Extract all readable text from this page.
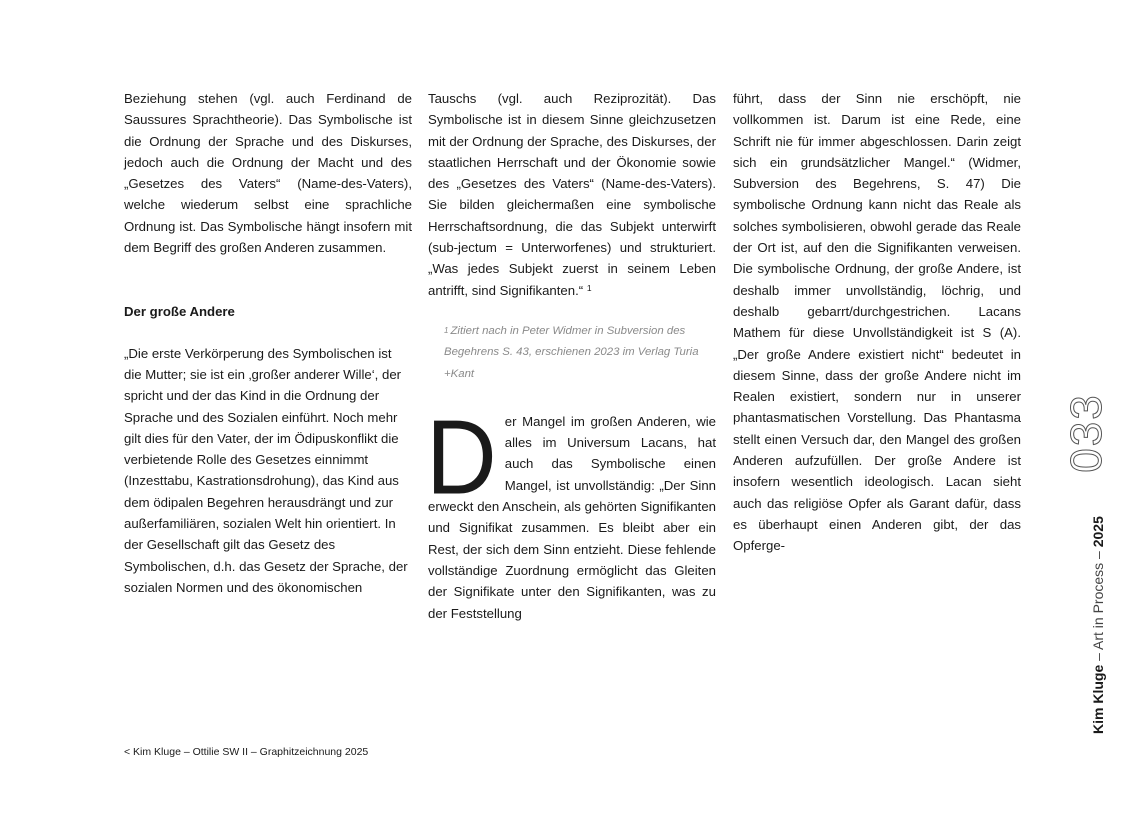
Beziehung stehen (vgl. auch Ferdinand de Saussures Sprachtheorie). Das Symbolische ist die Ordnung der Sprache und des Diskurses, jedoch auch die Ordnung der Macht und des „Gesetzes des Vaters“ (Name-des-Vaters), welche wiederum selbst eine sprachliche Ordnung ist. Das Symbolische hängt insofern mit dem Begriff des großen Anderen zusammen.

Der große Andere

„Die erste Verkörperung des Symbolischen ist die Mutter; sie ist ein ‚großer anderer Wille‘, der spricht und der das Kind in die Ordnung der Sprache und des Sozialen einführt. Noch mehr gilt dies für den Vater, der im Ödipuskonflikt die verbietende Rolle des Gesetzes einnimmt (Inzesttabu, Kastrationsdrohung), das Kind aus dem ödipalen Begehren herausdrängt und zur außerfamiliären, sozialen Welt hin orientiert. In der Gesellschaft gilt das Gesetz des Symbolischen, d.h. das Gesetz der Sprache, der sozialen Normen und des ökonomischen

Tauschs (vgl. auch Reziprozität). Das Symbolische ist in diesem Sinne gleichzusetzen mit der Ordnung der Sprache, des Diskurses, der staatlichen Herrschaft und der Ökonomie sowie des „Gesetzes des Vaters“ (Name-des-Vaters). Sie bilden gleichermaßen eine symbolische Herrschaftsordnung, die das Subjekt unterwirft (sub-jectum = Unterworfenes) und strukturiert. „Was jedes Subjekt zuerst in seinem Leben antrifft, sind Signifikanten.“ $^1$

$^1$ Zitiert nach in Peter Widmer in Subversion des Begehrens S. 43, erschienen 2023 im Verlag Turia +Kant

Der Mangel im großen Anderen, wie alles im Universum Lacans, hat auch das Symbolische einen Mangel, ist unvollständig: „Der Sinn erweckt den Anschein, als gehörten Signifikanten und Signifikat zusammen. Es bleibt aber ein Rest, der sich dem Sinn entzieht. Diese fehlende vollständige Zuordnung ermöglicht das Gleiten der Signifikate unter den Signifikanten, was zu der Feststellung

führt, dass der Sinn nie erschöpft, nie vollkommen ist. Darum ist eine Rede, eine Schrift nie für immer abgeschlossen. Darin zeigt sich ein grundsätzlicher Mangel.“ (Widmer, Subversion des Begehrens, S. 47) Die symbolische Ordnung kann nicht das Reale als solches symbolisieren, obwohl gerade das Reale der Ort ist, auf den die Signifikanten verweisen. Die symbolische Ordnung, der große Andere, ist deshalb immer unvollständig, löchrig, und deshalb gebarrt/durchgestrichen. Lacans Mathem für diese Unvollständigkeit ist S (A). „Der große Andere existiert nicht“ bedeutet in diesem Sinne, dass der große Andere nicht im Realen existiert, sondern nur in unserer phantasmatischen Vorstellung. Das Phantasma stellt einen Versuch dar, den Mangel des großen Anderen aufzufüllen. Der große Andere ist insofern wesentlich ideologisch. Lacan sieht auch das religiöse Opfer als Garant dafür, dass es überhaupt einen Anderen gibt, der das Opferge-

< Kim Kluge – Ottilie SW II – Graphitzeichnung 2025
033
Kim Kluge – Art in Process – 2025
